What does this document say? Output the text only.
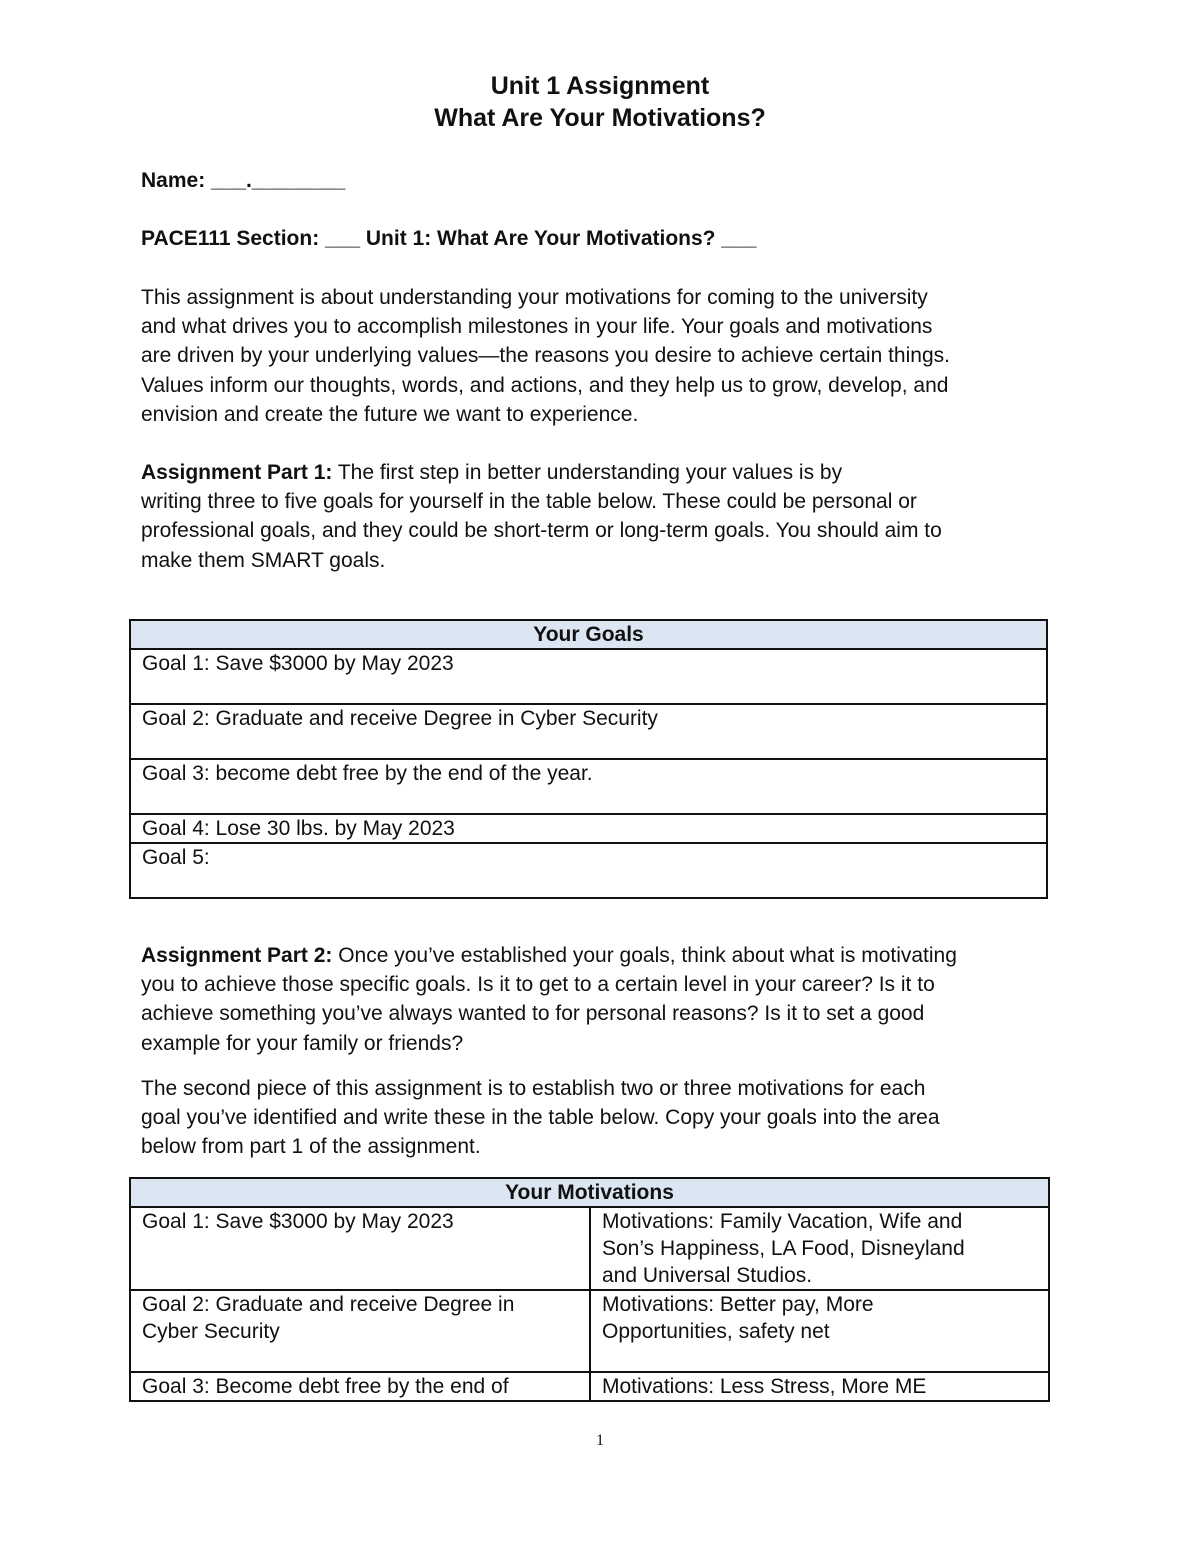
Unit 1 Assignment
What Are Your Motivations?
Name: ___.________
PACE111 Section: ___ Unit 1: What Are Your Motivations? ___
This assignment is about understanding your motivations for coming to the university
and what drives you to accomplish milestones in your life. Your goals and motivations
are driven by your underlying values—the reasons you desire to achieve certain things.
Values inform our thoughts, words, and actions, and they help us to grow, develop, and
envision and create the future we want to experience.
Assignment Part 1: The first step in better understanding your values is by
writing three to five goals for yourself in the table below. These could be personal or
professional goals, and they could be short-term or long-term goals. You should aim to
make them SMART goals.
Your Goals
Goal 1: Save $3000 by May 2023
Goal 2: Graduate and receive Degree in Cyber Security
Goal 3: become debt free by the end of the year.
Goal 4: Lose 30 lbs. by May 2023
Goal 5:
Assignment Part 2: Once you’ve established your goals, think about what is motivating
you to achieve those specific goals. Is it to get to a certain level in your career? Is it to
achieve something you’ve always wanted to for personal reasons? Is it to set a good
example for your family or friends?
The second piece of this assignment is to establish two or three motivations for each
goal you’ve identified and write these in the table below. Copy your goals into the area
below from part 1 of the assignment.
Your Motivations	

Goal 1: Save $3000 by May 2023	Motivations: Family Vacation, Wife and
Son’s Happiness, LA Food, Disneyland
and Universal Studios.

Goal 2: Graduate and receive Degree in
Cyber Security	Motivations: Better pay, More
Opportunities, safety net

Goal 3: Become debt free by the end of	Motivations: Less Stress, More ME
1
